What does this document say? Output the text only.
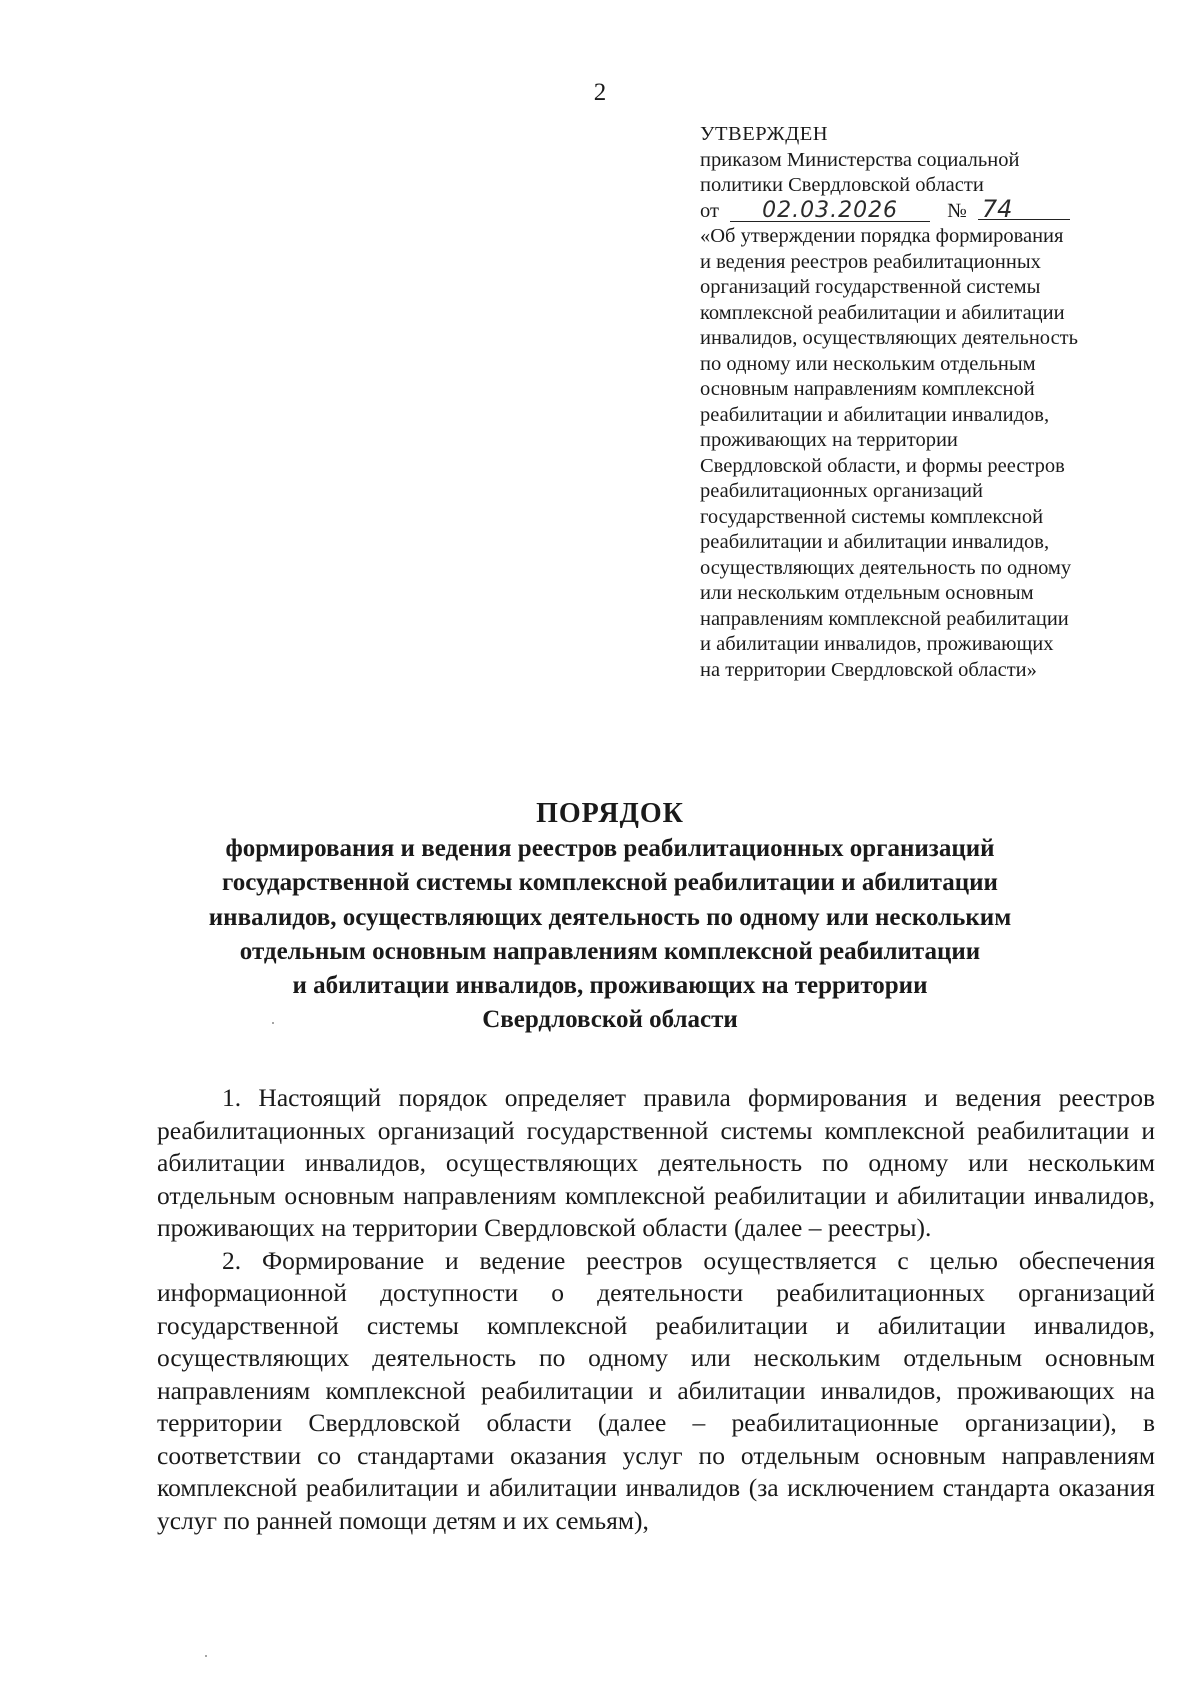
2
УТВЕРЖДЕН
приказом Министерства социальной
политики Свердловской области
от 02.03.2026 № 74
«Об утверждении порядка формирования
и ведения реестров реабилитационных
организаций государственной системы
комплексной реабилитации и абилитации
инвалидов, осуществляющих деятельность
по одному или нескольким отдельным
основным направлениям комплексной
реабилитации и абилитации инвалидов,
проживающих на территории
Свердловской области, и формы реестров
реабилитационных организаций
государственной системы комплексной
реабилитации и абилитации инвалидов,
осуществляющих деятельность по одному
или нескольким отдельным основным
направлениям комплексной реабилитации
и абилитации инвалидов, проживающих
на территории Свердловской области»
ПОРЯДОК
формирования и ведения реестров реабилитационных организаций
государственной системы комплексной реабилитации и абилитации
инвалидов, осуществляющих деятельность по одному или нескольким
отдельным основным направлениям комплексной реабилитации
и абилитации инвалидов, проживающих на территории
Свердловской области

1. Настоящий порядок определяет правила формирования и ведения реестров реабилитационных организаций государственной системы комплексной реабилитации и абилитации инвалидов, осуществляющих деятельность по одному или нескольким отдельным основным направлениям комплексной реабилитации и абилитации инвалидов, проживающих на территории Свердловской области (далее – реестры).

2. Формирование и ведение реестров осуществляется с целью обеспечения информационной доступности о деятельности реабилитационных организаций государственной системы комплексной реабилитации и абилитации инвалидов, осуществляющих деятельность по одному или нескольким отдельным основным направлениям комплексной реабилитации и абилитации инвалидов, проживающих на территории Свердловской области (далее – реабилитационные организации), в соответствии со стандартами оказания услуг по отдельным основным направлениям комплексной реабилитации и абилитации инвалидов (за исключением стандарта оказания услуг по ранней помощи детям и их семьям),
